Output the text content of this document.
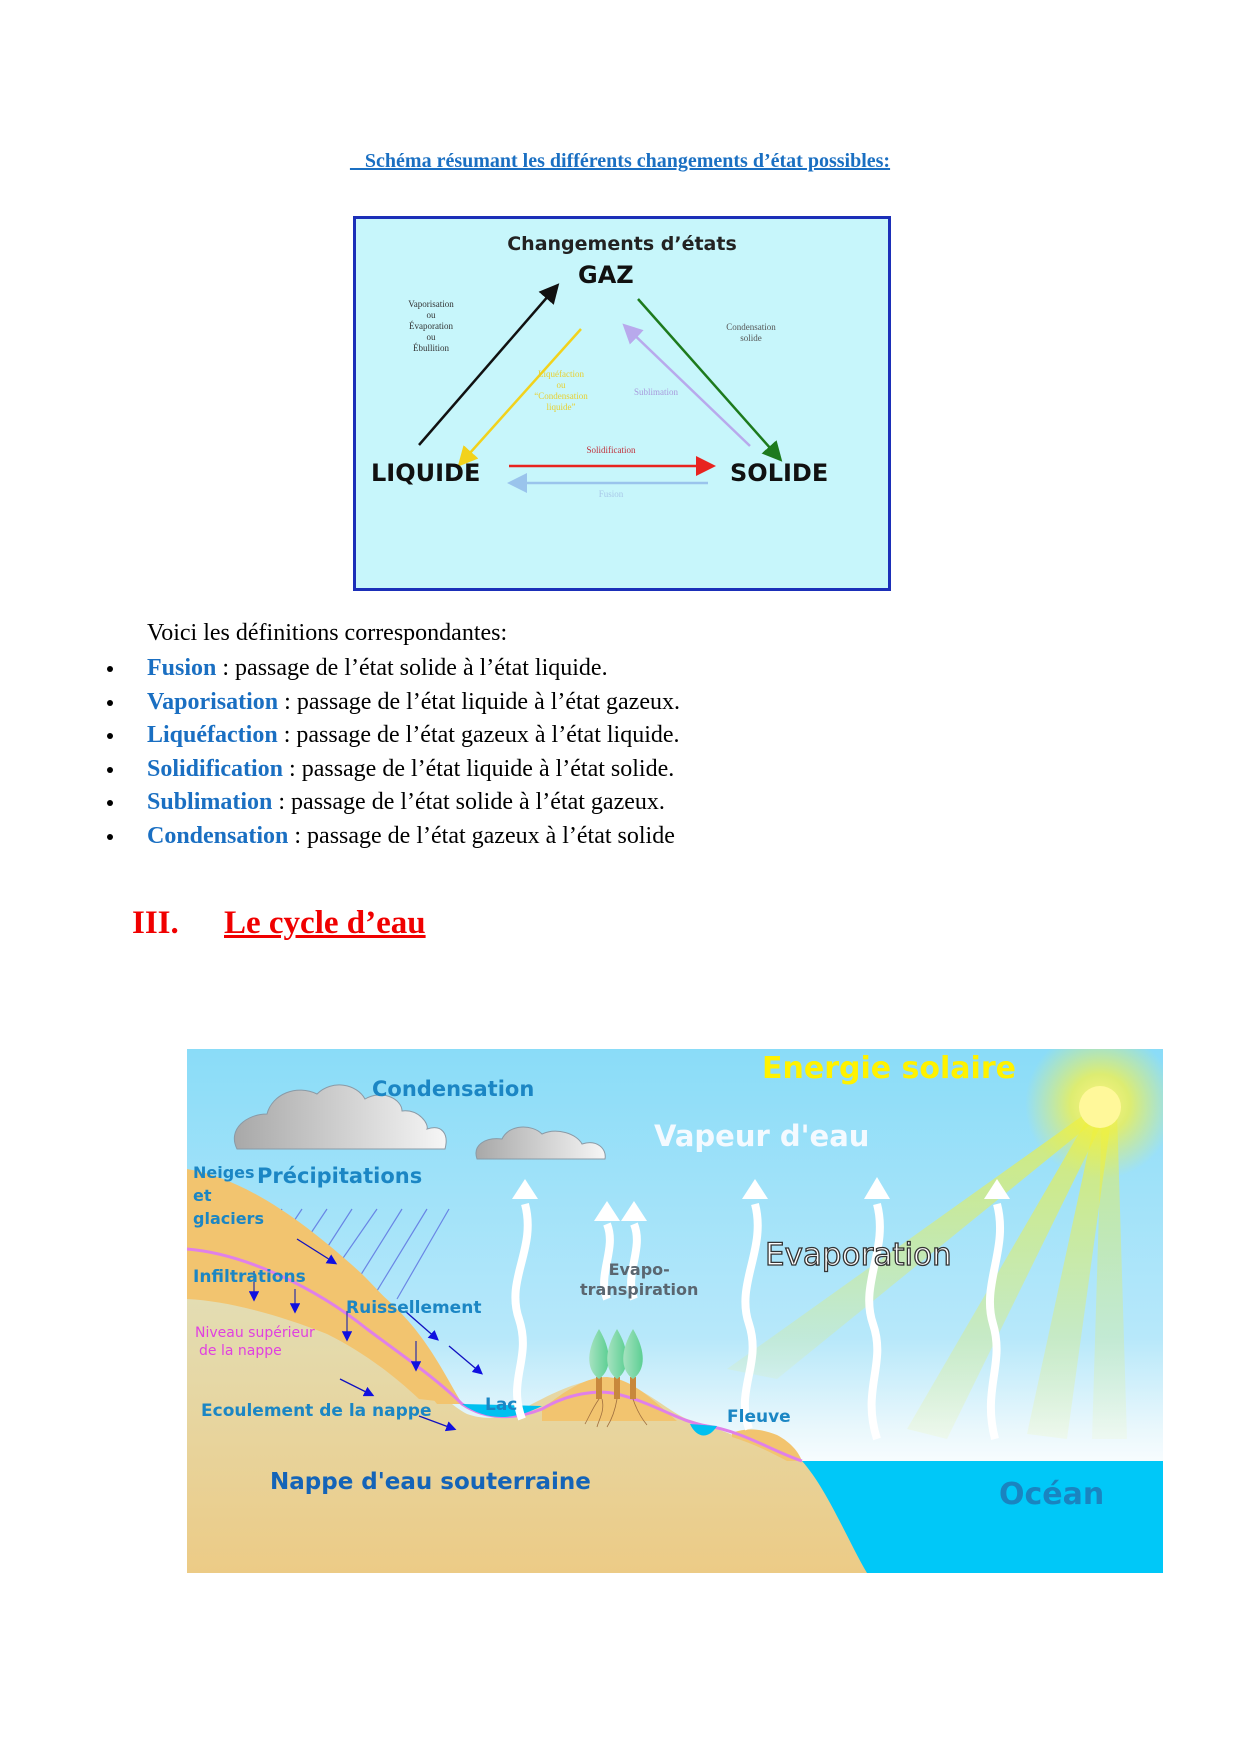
Schéma résumant les différents changements d’état possibles:
Changements d’états
GAZ
LIQUIDE	SOLIDE
Vaporisation
ou
Évaporation
ou
Ébullition
Liquéfaction
ou
“Condensation
liquide”
Sublimation
Condensation
solide
Solidification
Fusion
Voici les définitions correspondantes:
Fusion : passage de l’état solide à l’état liquide.
Vaporisation : passage de l’état liquide à l’état gazeux.
Liquéfaction : passage de l’état gazeux à l’état liquide.
Solidification : passage de l’état liquide à l’état solide.
Sublimation : passage de l’état solide à l’état gazeux.
Condensation : passage de l’état gazeux à l’état solide
III. Le cycle d’eau
Condensation
Energie solaire
Vapeur d'eau
Neiges
et
glaciers
Précipitations
Evapo-
transpiration
Evaporation
Infiltrations
Ruissellement
Niveau supérieur
de la nappe
Ecoulement de la nappe	Lac
Fleuve
Nappe d'eau souterraine	Océan
